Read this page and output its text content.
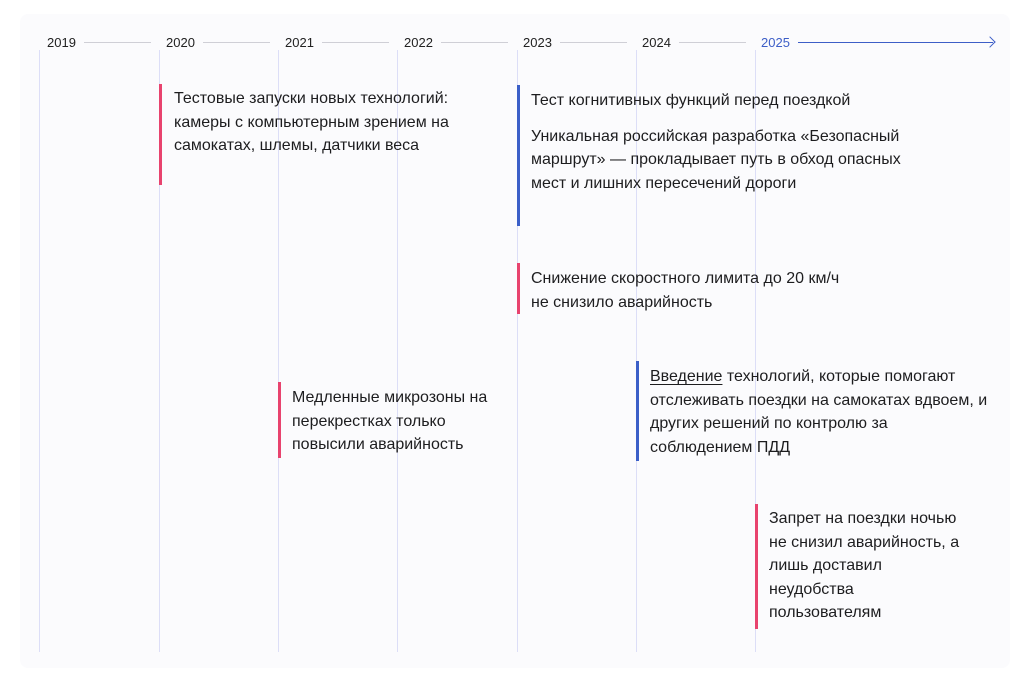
2019	2020	2021	2022	2023	2024	2025

Тестовые запуски новых технологий: камеры с компьютерным зрением на самокатах, шлемы, датчики веса

Тест когнитивных функций перед поездкой

Уникальная российская разработка «Безопасный маршрут» — прокладывает путь в обход опасных мест и лишних пересечений дороги

Снижение скоростного лимита до 20 км/ч не снизило аварийность

Введение технологий, которые помогают отслеживать поездки на самокатах вдвоем, и других решений по контролю за соблюдением ПДД

Медленные микрозоны на перекрестках только повысили аварийность

Запрет на поездки ночью не снизил аварийность, а лишь доставил неудобства пользователям
